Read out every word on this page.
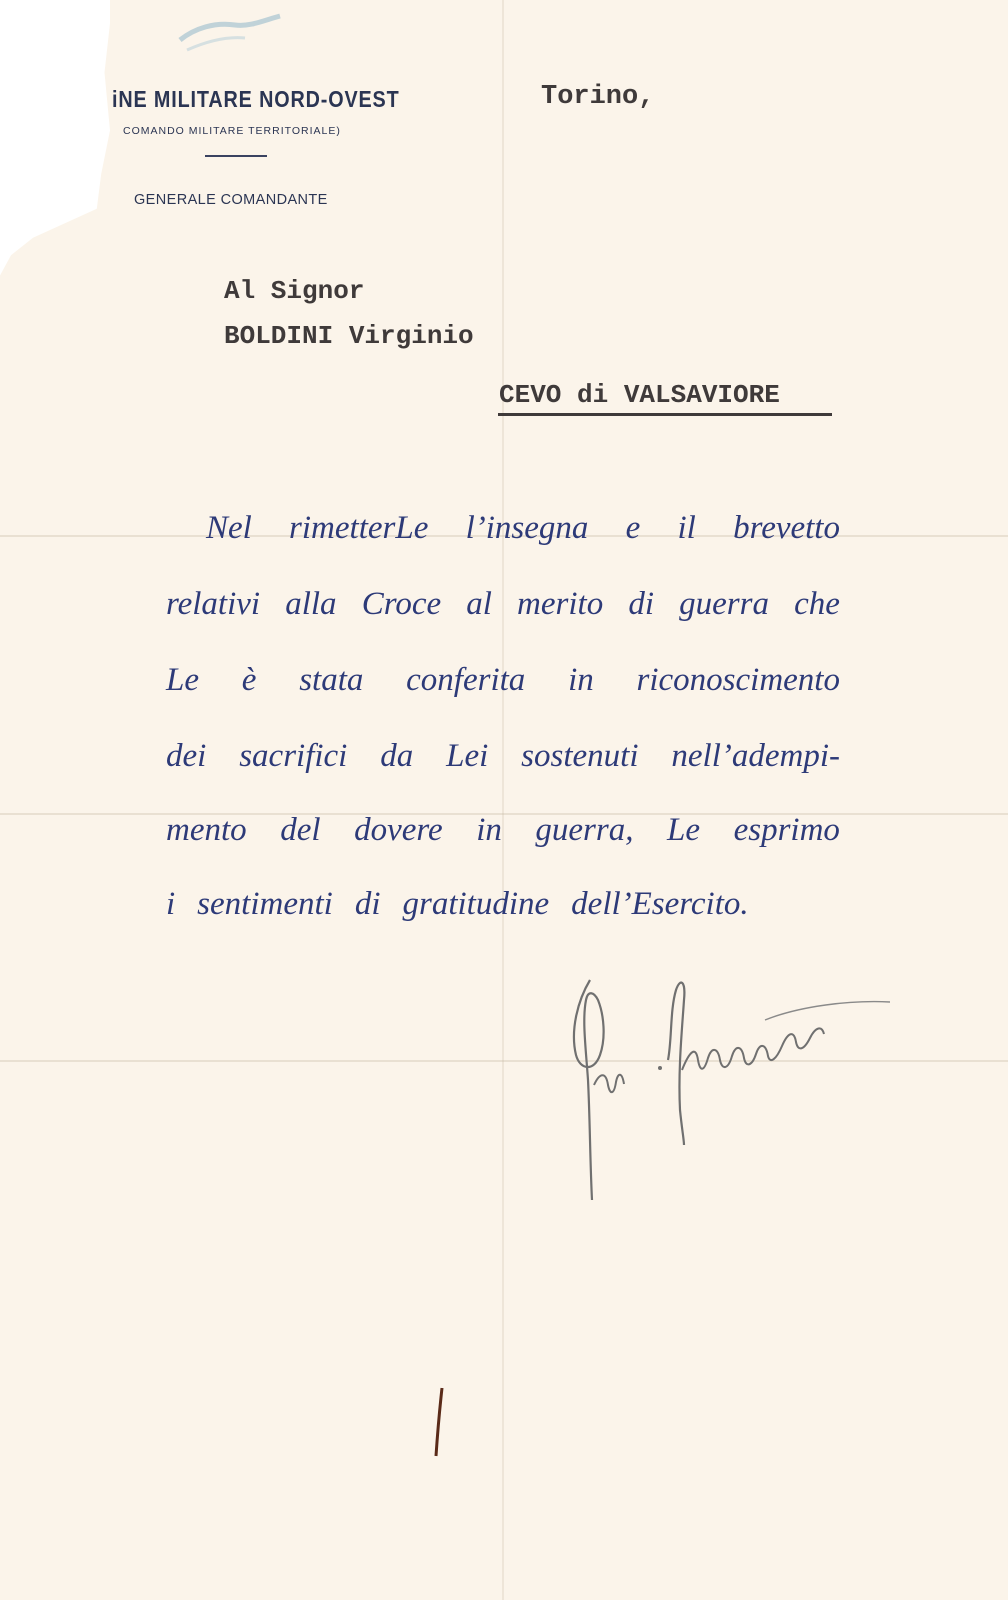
iNE MILITARE NORD-OVEST
COMANDO MILITARE TERRITORIALE)
GENERALE COMANDANTE
Torino,
Al Signor
BOLDINI Virginio
CEVO di VALSAVIORE
Nel rimetterLe l’insegna e il brevetto
relativi alla Croce al merito di guerra che
Le è stata conferita in riconoscimento
dei sacrifici da Lei sostenuti nell’adempi-
mento del dovere in guerra, Le esprimo
i sentimenti di gratitudine dell’Esercito.
